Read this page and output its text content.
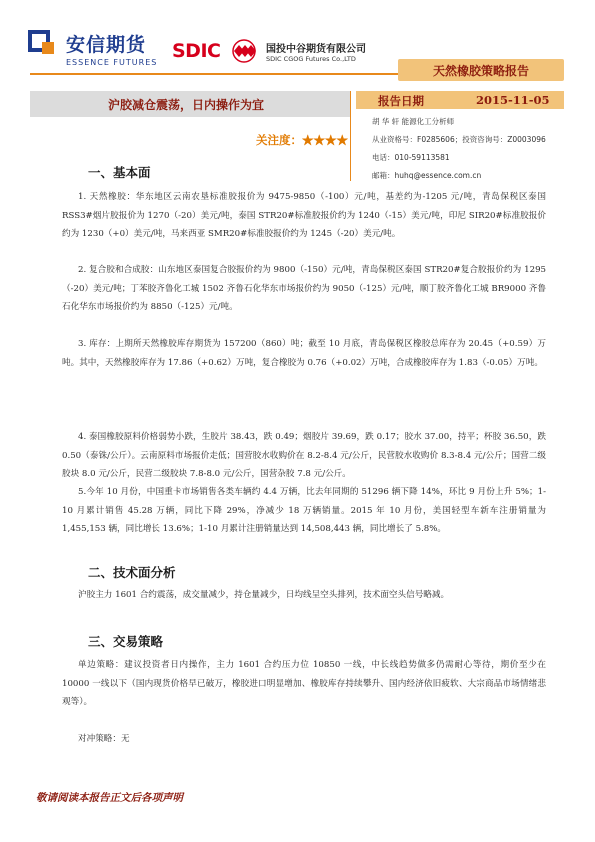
安信期货
ESSENCE FUTURES
SDIC	国投中谷期货有限公司
SDIC CGOG Futures Co.,LTD
天然橡胶策略报告
沪胶减仓震荡，日内操作为宜	报告日期	2015-11-05
关注度：★★★★
胡 华 轩 能源化工分析师
从业资格号：F0285606；投资咨询号：Z0003096
电话：010-59113581
邮箱：huhq@essence.com.cn
一、基本面
1. 天然橡胶：华东地区云南农垦标准胶报价为 9475-9850（-100）元/吨，基差约为-1205 元/吨，青岛保税区泰国 RSS3#烟片胶报价为 1270（-20）美元/吨，泰国 STR20#标准胶报价约为 1240（-15）美元/吨，印尼 SIR20#标准胶报价约为 1230（+0）美元/吨，马来西亚 SMR20#标准胶报价约为 1245（-20）美元/吨。
2. 复合胶和合成胶：山东地区泰国复合胶报价约为 9800（-150）元/吨，青岛保税区泰国 STR20#复合胶报价约为 1295（-20）美元/吨；丁苯胶齐鲁化工城 1502 齐鲁石化华东市场报价约为 9050（-125）元/吨，顺丁胶齐鲁化工城 BR9000 齐鲁石化华东市场报价约为 8850（-125）元/吨。
3. 库存：上期所天然橡胶库存期货为 157200（860）吨；截至 10 月底，青岛保税区橡胶总库存为 20.45（+0.59）万吨。其中，天然橡胶库存为 17.86（+0.62）万吨，复合橡胶为 0.76（+0.02）万吨，合成橡胶库存为 1.83（-0.05）万吨。
4. 泰国橡胶原料价格弱势小跌，生胶片 38.43，跌 0.49；烟胶片 39.69，跌 0.17；胶水 37.00，持平；杯胶 36.50，跌 0.50（泰铢/公斤）。云南原料市场报价走低；国营胶水收购价在 8.2-8.4 元/公斤，民营胶水收购价 8.3-8.4 元/公斤；国营二级胶块 8.0 元/公斤，民营二级胶块 7.8-8.0 元/公斤，国营杂胶 7.8 元/公斤。
5.今年 10 月份，中国重卡市场销售各类车辆约 4.4 万辆，比去年同期的 51296 辆下降 14%，环比 9 月份上升 5%；1-10 月累计销售 45.28 万辆，同比下降 29%，净减少 18 万辆销量。2015 年 10 月份，美国轻型车新车注册销量为 1,455,153 辆，同比增长 13.6%；1-10 月累计注册销量达到 14,508,443 辆，同比增长了 5.8%。
二、技术面分析
沪胶主力 1601 合约震荡，成交量减少，持仓量减少，日均线呈空头排列，技术面空头信号略减。
三、交易策略
单边策略：建议投资者日内操作，主力 1601 合约压力位 10850 一线，中长线趋势做多仍需耐心等待，期价至少在 10000 一线以下（国内现货价格早已破万，橡胶进口明显增加、橡胶库存持续攀升、国内经济依旧疲软、大宗商品市场情绪悲观等）。
对冲策略：无
敬请阅读本报告正文后各项声明
